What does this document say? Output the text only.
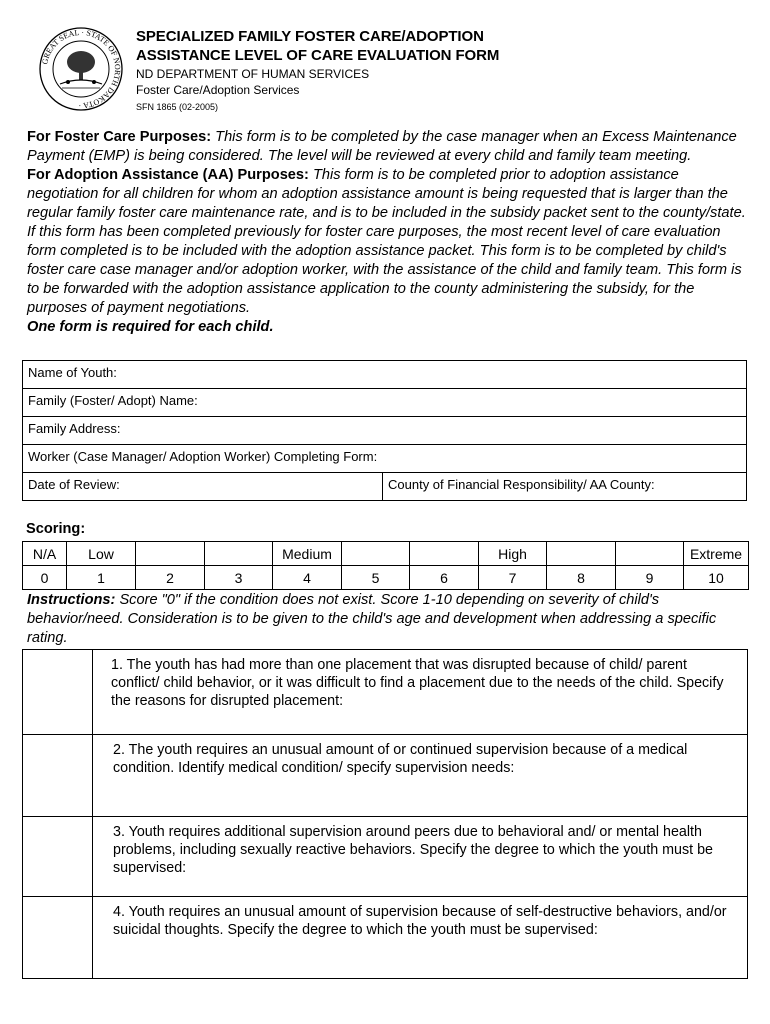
GREAT SEAL · STATE OF NORTH DAKOTA ·
SPECIALIZED FAMILY FOSTER CARE/ADOPTION
ASSISTANCE LEVEL OF CARE EVALUATION FORM
ND DEPARTMENT OF HUMAN SERVICES
Foster Care/Adoption Services
SFN 1865 (02-2005)
For Foster Care Purposes: This form is to be completed by the case manager when an Excess Maintenance Payment (EMP) is being considered. The level will be reviewed at every child and family team meeting.
For Adoption Assistance (AA) Purposes: This form is to be completed prior to adoption assistance negotiation for all children for whom an adoption assistance amount is being requested that is larger than the regular family foster care maintenance rate, and is to be included in the subsidy packet sent to the county/state. If this form has been completed previously for foster care purposes, the most recent level of care evaluation form completed is to be included with the adoption assistance packet. This form is to be completed by child's foster care case manager and/or adoption worker, with the assistance of the child and family team. This form is to be forwarded with the adoption assistance application to the county administering the subsidy, for the purposes of payment negotiations.
One form is required for each child.
Name of Youth:
Family (Foster/ Adopt) Name:
Family Address:
Worker (Case Manager/ Adoption Worker) Completing Form:
Date of Review:	County of Financial Responsibility/ AA County:
Scoring:
N/A	Low			Medium			High			Extreme
0	1	2	3	4	5	6	7	8	9	10
Instructions: Score "0" if the condition does not exist. Score 1-10 depending on severity of child's behavior/need. Consideration is to be given to the child's age and development when addressing a specific rating.
	1. The youth has had more than one placement that was disrupted because of child/ parent conflict/ child behavior, or it was difficult to find a placement due to the needs of the child. Specify the reasons for disrupted placement:
	2. The youth requires an unusual amount of or continued supervision because of a medical condition. Identify medical condition/ specify supervision needs:
	3. Youth requires additional supervision around peers due to behavioral and/ or mental health problems, including sexually reactive behaviors. Specify the degree to which the youth must be supervised:
	4. Youth requires an unusual amount of supervision because of self-destructive behaviors, and/or suicidal thoughts. Specify the degree to which the youth must be supervised:
